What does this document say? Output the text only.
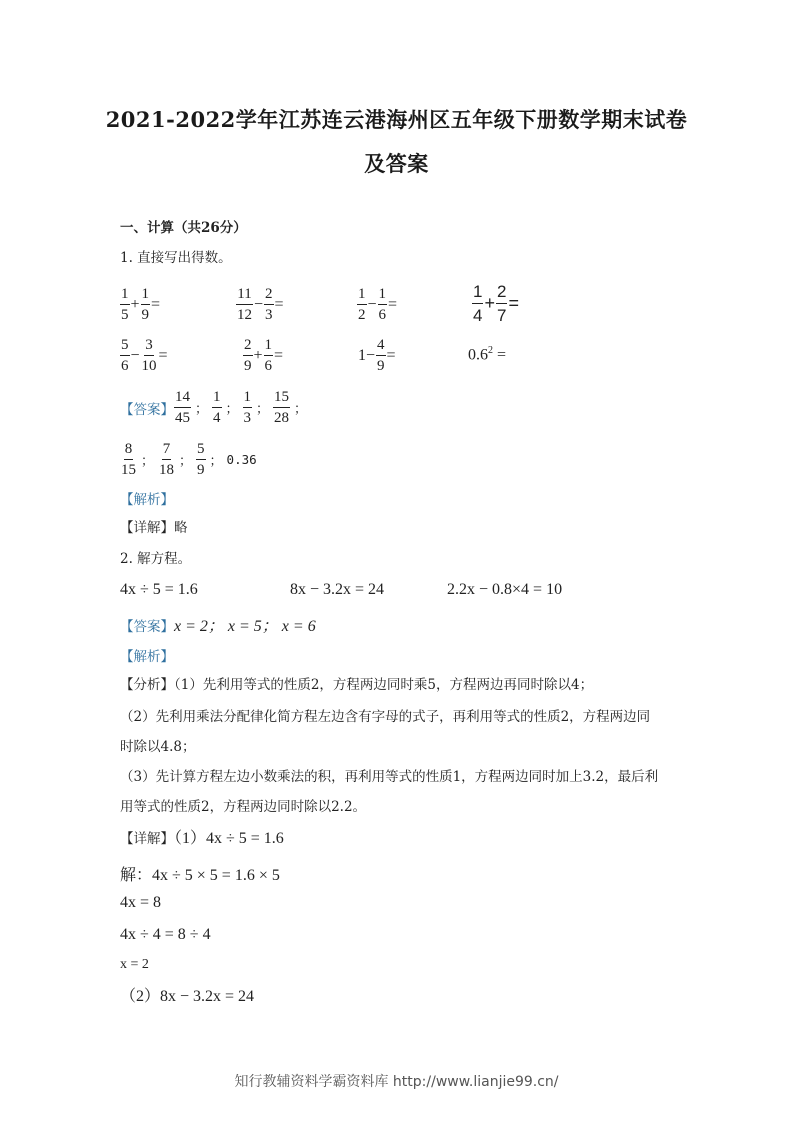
2021-2022学年江苏连云港海州区五年级下册数学期末试卷
及答案
一、计算（共26分）
1. 直接写出得数。
$\frac{1}{5} + \frac{1}{9}$ =	$\frac{11}{12} - \frac{2}{3}$ =	$\frac{1}{2} - \frac{1}{6}$ =	$\frac{1}{4} + \frac{2}{7}$ =
$\frac{5}{6} - \frac{3}{10}$ =	$\frac{2}{9} + \frac{1}{6}$ =	$1- \frac{4}{9}$ =	$0.6^2$ =
【答案】 $\frac{14}{45}$ ； $\frac{1}{4}$ ； $\frac{1}{3}$ ； $\frac{15}{28}$ ；
$\frac{8}{15}$ ； $\frac{7}{18}$ ； $\frac{5}{9}$ ； 0.36
【解析】
【详解】略
2. 解方程。
4x ÷ 5 = 1.6	8x − 3.2x = 24	2.2x − 0.8×4 = 10
【答案】 x = 2； x = 5； x = 6
【解析】
【分析】（1）先利用等式的性质2，方程两边同时乘5，方程两边再同时除以4；
（2）先利用乘法分配律化简方程左边含有字母的式子，再利用等式的性质2，方程两边同
时除以4.8；
（3）先计算方程左边小数乘法的积，再利用等式的性质1，方程两边同时加上3.2，最后利
用等式的性质2，方程两边同时除以2.2。
【详解】（1）4x ÷ 5 = 1.6
解：4x ÷ 5 × 5 = 1.6 × 5
4x = 8
4x ÷ 4 = 8 ÷ 4
x = 2
（2）8x − 3.2x = 24
知行教辅资料学霸资料库 http://www.lianjie99.cn/
